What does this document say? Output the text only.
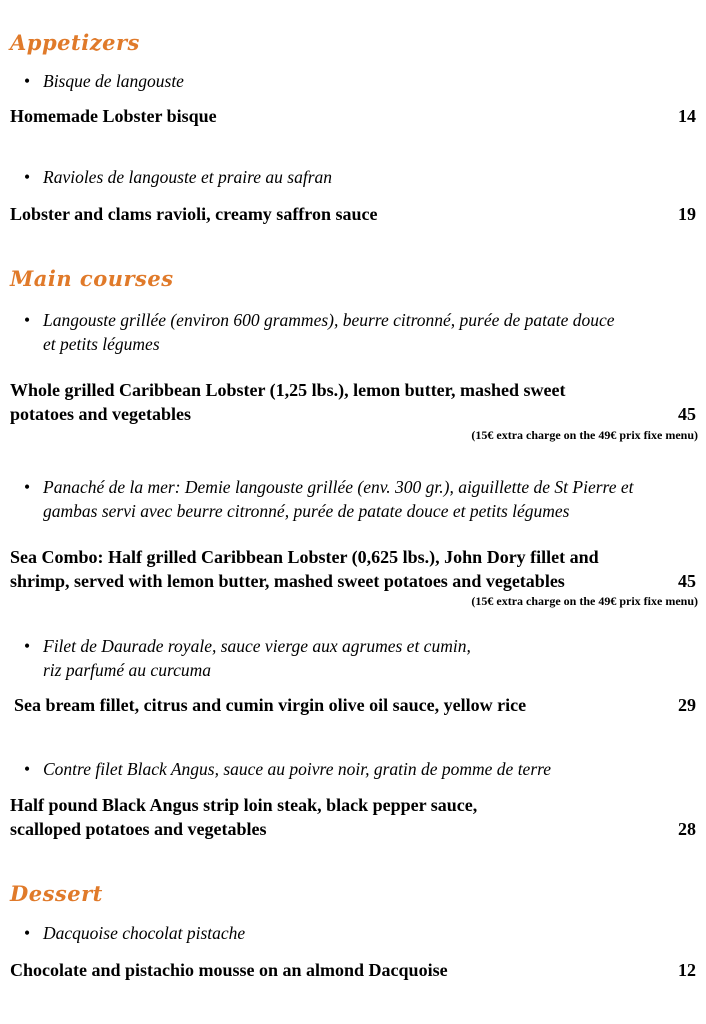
Appetizers

• Bisque de langouste

Homemade Lobster bisque	14

• Ravioles de langouste et praire au safran

Lobster and clams ravioli, creamy saffron sauce	19

Main courses

• Langouste grillée (environ 600 grammes), beurre citronné, purée de patate douce
et petits légumes

Whole grilled Caribbean Lobster (1,25 lbs.), lemon butter, mashed sweet
potatoes and vegetables	45

(15€ extra charge on the 49€ prix fixe menu)

• Panaché de la mer: Demie langouste grillée (env. 300 gr.), aiguillette de St Pierre et
gambas servi avec beurre citronné, purée de patate douce et petits légumes

Sea Combo: Half grilled Caribbean Lobster (0,625 lbs.), John Dory fillet and
shrimp, served with lemon butter, mashed sweet potatoes and vegetables	45

(15€ extra charge on the 49€ prix fixe menu)

• Filet de Daurade royale, sauce vierge aux agrumes et cumin,
riz parfumé au curcuma

Sea bream fillet, citrus and cumin virgin olive oil sauce, yellow rice	29

• Contre filet Black Angus, sauce au poivre noir, gratin de pomme de terre

Half pound Black Angus strip loin steak, black pepper sauce,
scalloped potatoes and vegetables	28

Dessert

• Dacquoise chocolat pistache

Chocolate and pistachio mousse on an almond Dacquoise	12
